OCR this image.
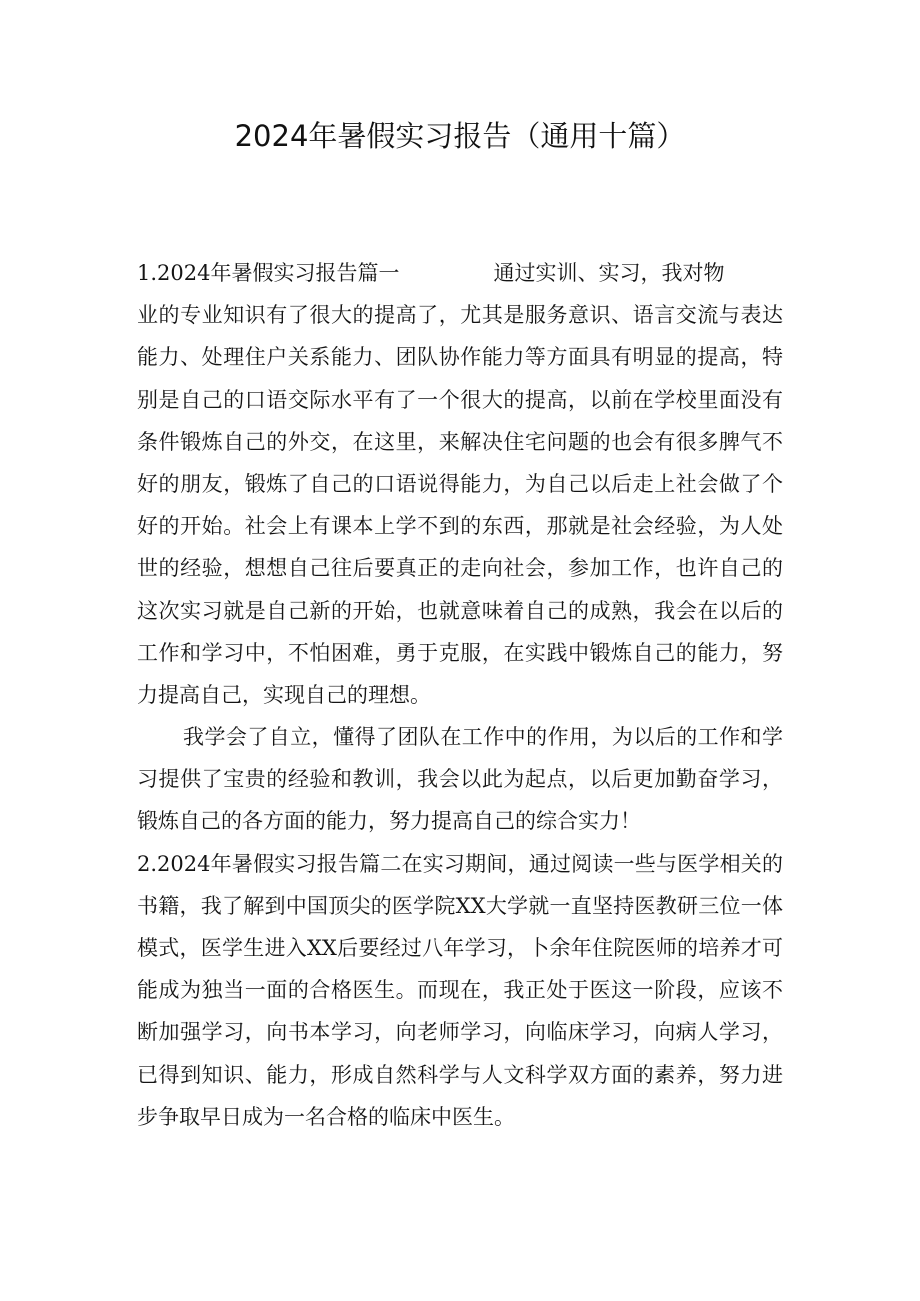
2024年暑假实习报告（通用十篇）
1.2024年暑假实习报告篇一	通过实训、实习，我对物
业的专业知识有了很大的提高了，尤其是服务意识、语言交流与表达
能力、处理住户关系能力、团队协作能力等方面具有明显的提高，特
别是自己的口语交际水平有了一个很大的提高，以前在学校里面没有
条件锻炼自己的外交，在这里，来解决住宅问题的也会有很多脾气不
好的朋友，锻炼了自己的口语说得能力，为自己以后走上社会做了个
好的开始。社会上有课本上学不到的东西，那就是社会经验，为人处
世的经验，想想自己往后要真正的走向社会，参加工作，也许自己的
这次实习就是自己新的开始，也就意味着自己的成熟，我会在以后的
工作和学习中，不怕困难，勇于克服，在实践中锻炼自己的能力，努
力提高自己，实现自己的理想。
我学会了自立，懂得了团队在工作中的作用，为以后的工作和学
习提供了宝贵的经验和教训，我会以此为起点，以后更加勤奋学习，
锻炼自己的各方面的能力，努力提高自己的综合实力！
2.2024年暑假实习报告篇二在实习期间，通过阅读一些与医学相关的
书籍，我了解到中国顶尖的医学院XX大学就一直坚持医教研三位一体
模式，医学生进入XX后要经过八年学习，卜余年住院医师的培养才可
能成为独当一面的合格医生。而现在，我正处于医这一阶段，应该不
断加强学习，向书本学习，向老师学习，向临床学习，向病人学习，
已得到知识、能力，形成自然科学与人文科学双方面的素养，努力进
步争取早日成为一名合格的临床中医生。
